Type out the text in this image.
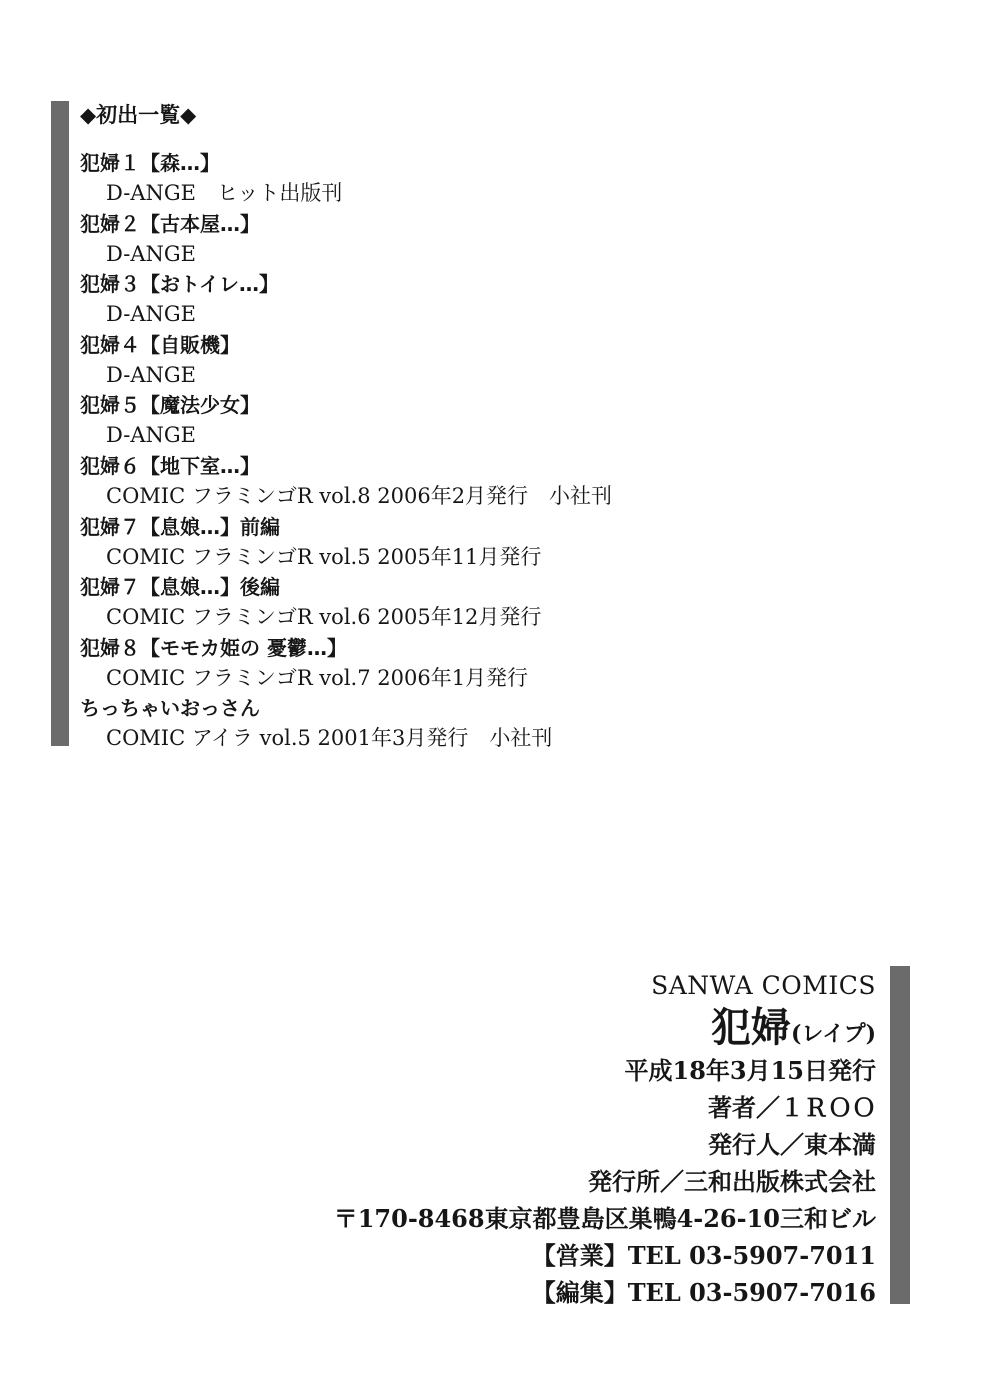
◆初出一覧◆
犯婦１【森…】
D-ANGE　ヒット出版刊
犯婦２【古本屋…】
D-ANGE
犯婦３【おトイレ…】
D-ANGE
犯婦４【自販機】
D-ANGE
犯婦５【魔法少女】
D-ANGE
犯婦６【地下室…】
COMIC フラミンゴR vol.8 2006年2月発行　小社刊
犯婦７【息娘…】前編
COMIC フラミンゴR vol.5 2005年11月発行
犯婦７【息娘…】後編
COMIC フラミンゴR vol.6 2005年12月発行
犯婦８【モモカ姫の 憂鬱…】
COMIC フラミンゴR vol.7 2006年1月発行
ちっちゃいおっさん
COMIC アイラ vol.5 2001年3月発行　小社刊
SANWA COMICS
犯婦(レイプ)
平成18年3月15日発行
著者／１ＲＯＯ
発行人／東本満
発行所／三和出版株式会社
〒170-8468東京都豊島区巣鴨4-26-10三和ビル
【営業】TEL 03-5907-7011
【編集】TEL 03-5907-7016
